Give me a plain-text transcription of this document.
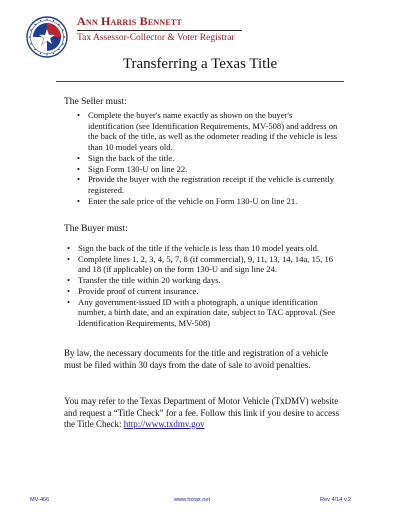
Ann Harris Bennett
Tax Assessor-Collector & Voter Registrar
Transferring a Texas Title
The Seller must:
• Complete the buyer's name exactly as shown on the buyer's identification (see Identification Requirements, MV-508) and address on the back of the title, as well as the odometer reading if the vehicle is less than 10 model years old.
• Sign the back of the title.
• Sign Form 130-U on line 22.
• Provide the buyer with the registration receipt if the vehicle is currently registered.
• Enter the sale price of the vehicle on Form 130-U on line 21.
The Buyer must:
• Sign the back of the title if the vehicle is less than 10 model years old.
• Complete lines 1, 2, 3, 4, 5, 7, 8 (if commercial), 9, 11, 13, 14, 14a, 15, 16 and 18 (if applicable) on the form 130-U and sign line 24.
• Transfer the title within 20 working days.
• Provide proof of current insurance.
• Any government-issued ID with a photograph, a unique identification number, a birth date, and an expiration date, subject to TAC approval. (See Identification Requirements, MV-508)

By law, the necessary documents for the title and registration of a vehicle must be filed within 30 days from the date of sale to avoid penalties.

You may refer to the Texas Department of Motor Vehicle (TxDMV) website and request a “Title Check” for a fee. Follow this link if you desire to access the Title Check: http://www.txdmv.gov

MV-466	www.hctax.net	Rev 4/14 v.2
